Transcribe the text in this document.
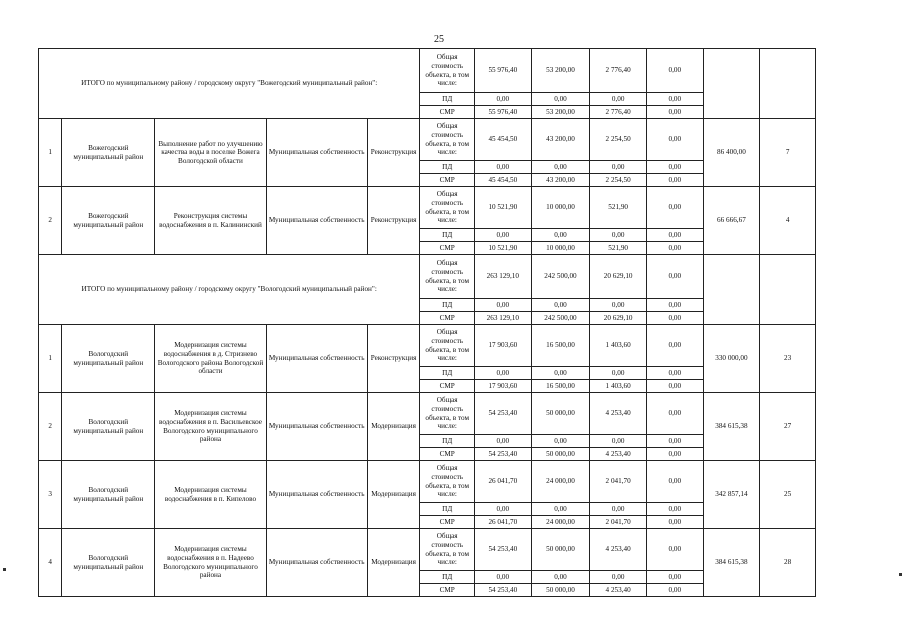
25
ИТОГО по муниципальному району / городскому округу "Вожегодский муниципальный район":					Общая стоимость объекта, в том числе:	55 976,40	53 200,00	2 776,40	0,00		
					ПД	0,00	0,00	0,00	0,00		
					СМР	55 976,40	53 200,00	2 776,40	0,00		
1	Вожегодский муниципальный район	Выполнение работ по улучшению качества воды в поселке Вожега Вологодской области	Муниципальная собственность	Реконструкция	Общая стоимость объекта, в том числе:	45 454,50	43 200,00	2 254,50	0,00	86 400,00	7
					ПД	0,00	0,00	0,00	0,00		
					СМР	45 454,50	43 200,00	2 254,50	0,00		
2	Вожегодский муниципальный район	Реконструкция системы водоснабжения в п. Калининский	Муниципальная собственность	Реконструкция	Общая стоимость объекта, в том числе:	10 521,90	10 000,00	521,90	0,00	66 666,67	4
					ПД	0,00	0,00	0,00	0,00		
					СМР	10 521,90	10 000,00	521,90	0,00		
ИТОГО по муниципальному району / городскому округу "Вологодский муниципальный район":					Общая стоимость объекта, в том числе:	263 129,10	242 500,00	20 629,10	0,00		
					ПД	0,00	0,00	0,00	0,00		
					СМР	263 129,10	242 500,00	20 629,10	0,00		
1	Вологодский муниципальный район	Модернизация системы водоснабжения в д. Стризнево Вологодского района Вологодской области	Муниципальная собственность	Реконструкция	Общая стоимость объекта, в том числе:	17 903,60	16 500,00	1 403,60	0,00	330 000,00	23
					ПД	0,00	0,00	0,00	0,00		
					СМР	17 903,60	16 500,00	1 403,60	0,00		
2	Вологодский муниципальный район	Модернизация системы водоснабжения в п. Васильевское Вологодского муниципального района	Муниципальная собственность	Модернизация	Общая стоимость объекта, в том числе:	54 253,40	50 000,00	4 253,40	0,00	384 615,38	27
					ПД	0,00	0,00	0,00	0,00		
					СМР	54 253,40	50 000,00	4 253,40	0,00		
3	Вологодский муниципальный район	Модернизация системы водоснабжения в п. Кипелово	Муниципальная собственность	Модернизация	Общая стоимость объекта, в том числе:	26 041,70	24 000,00	2 041,70	0,00	342 857,14	25
					ПД	0,00	0,00	0,00	0,00		
					СМР	26 041,70	24 000,00	2 041,70	0,00		
4	Вологодский муниципальный район	Модернизация системы водоснабжения в п. Надеево Вологодского муниципального района	Муниципальная собственность	Модернизация	Общая стоимость объекта, в том числе:	54 253,40	50 000,00	4 253,40	0,00	384 615,38	28
					ПД	0,00	0,00	0,00	0,00		
					СМР	54 253,40	50 000,00	4 253,40	0,00		
